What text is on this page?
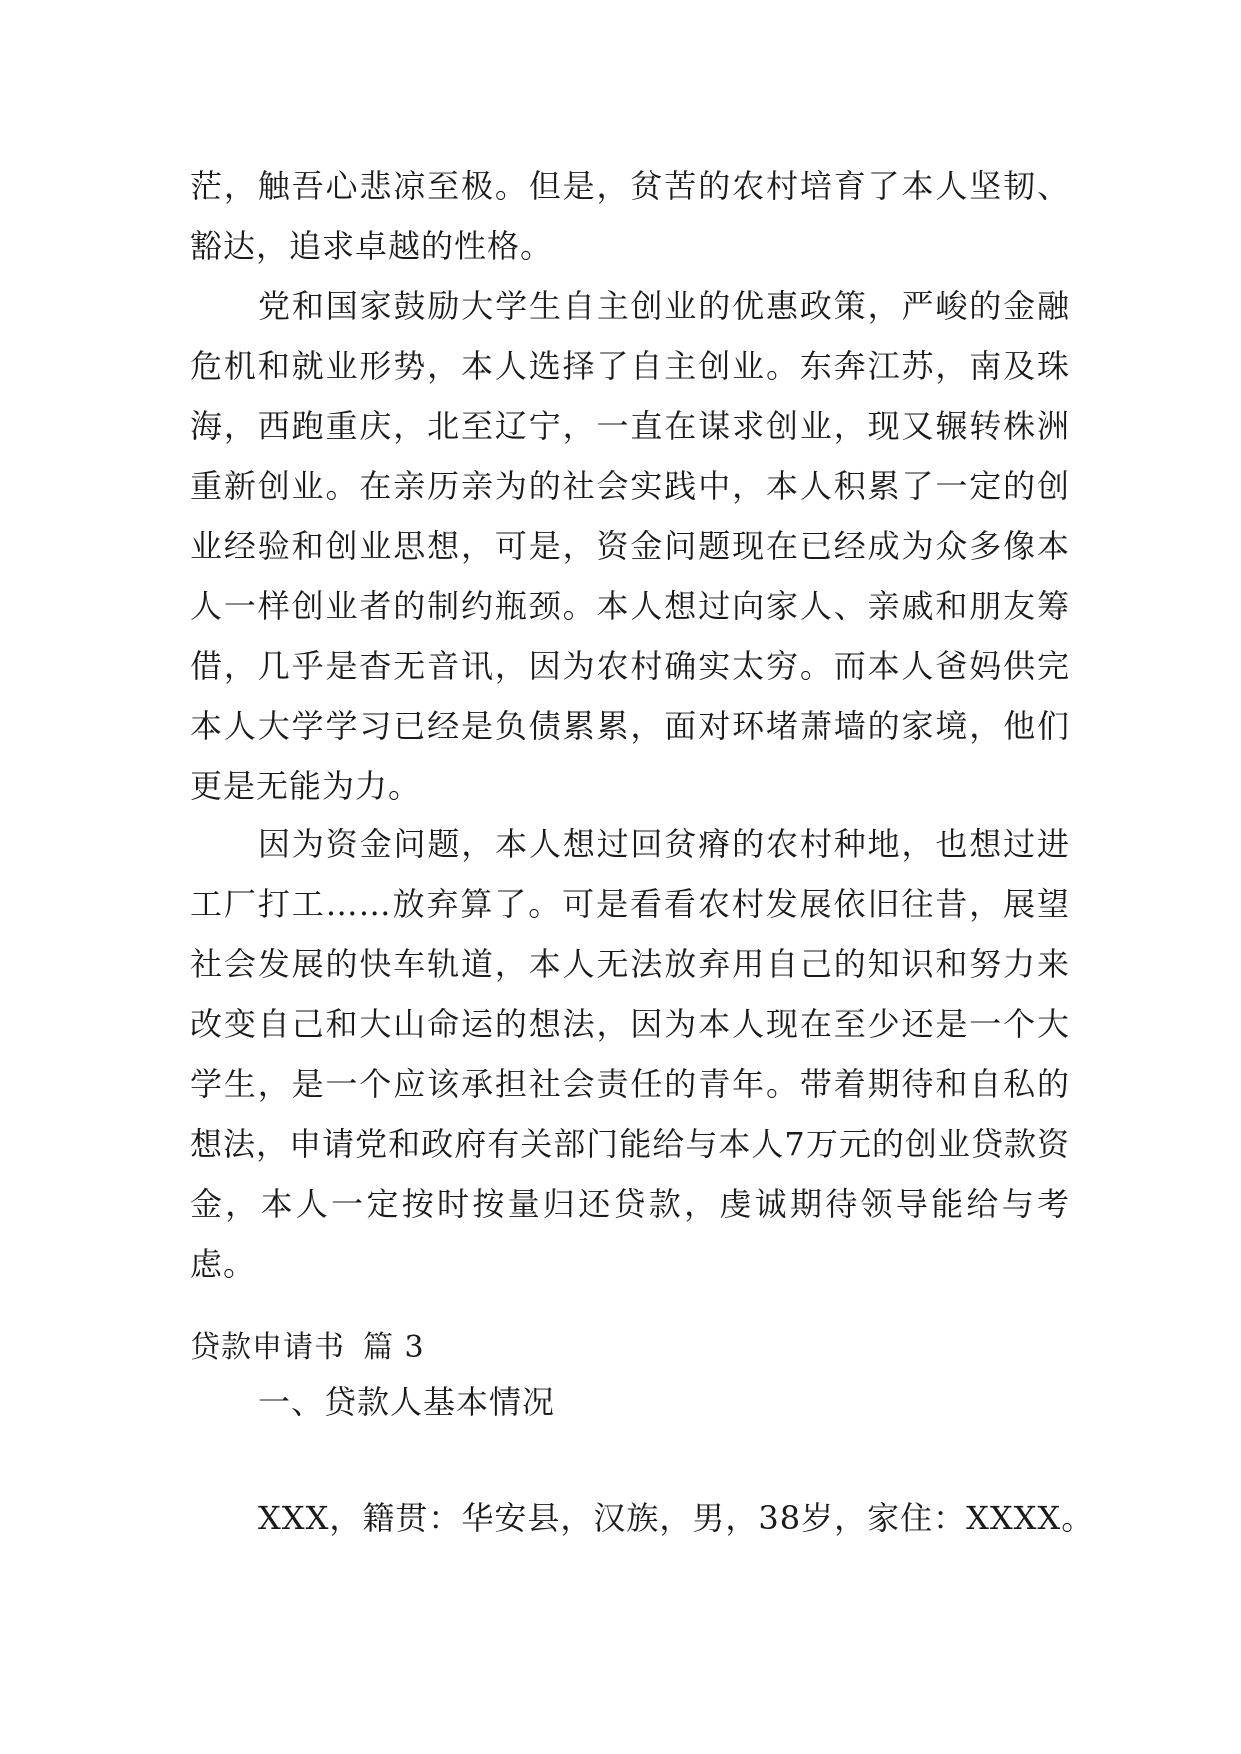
茫，触吾心悲凉至极。但是，贫苦的农村培育了本人坚韧、豁达，追求卓越的性格。

党和国家鼓励大学生自主创业的优惠政策，严峻的金融危机和就业形势，本人选择了自主创业。东奔江苏，南及珠海，西跑重庆，北至辽宁，一直在谋求创业，现又辗转株洲重新创业。在亲历亲为的社会实践中，本人积累了一定的创业经验和创业思想，可是，资金问题现在已经成为众多像本人一样创业者的制约瓶颈。本人想过向家人、亲戚和朋友筹借，几乎是杳无音讯，因为农村确实太穷。而本人爸妈供完本人大学学习已经是负债累累，面对环堵萧墙的家境，他们更是无能为力。

因为资金问题，本人想过回贫瘠的农村种地，也想过进工厂打工……放弃算了。可是看看农村发展依旧往昔，展望社会发展的快车轨道，本人无法放弃用自己的知识和努力来改变自己和大山命运的想法，因为本人现在至少还是一个大学生，是一个应该承担社会责任的青年。带着期待和自私的想法，申请党和政府有关部门能给与本人7万元的创业贷款资金，本人一定按时按量归还贷款，虔诚期待领导能给与考虑。

贷款申请书 篇 3

一、贷款人基本情况

XXX，籍贯：华安县，汉族，男，38岁，家住：XXXX。
